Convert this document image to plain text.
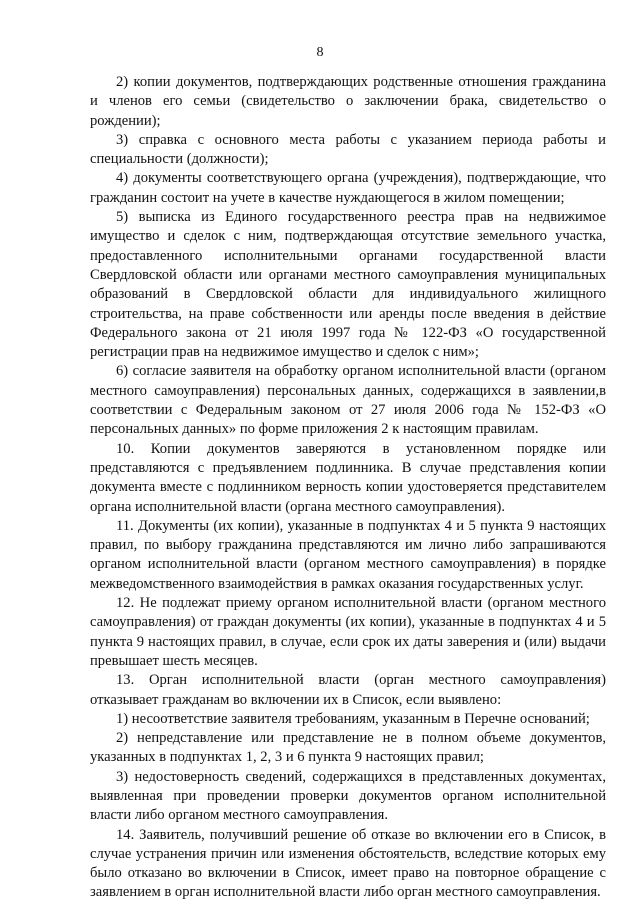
8

2) копии документов, подтверждающих родственные отношения гражданина и членов его семьи (свидетельство о заключении брака, свидетельство о рождении);

3) справка с основного места работы с указанием периода работы и специальности (должности);

4) документы соответствующего органа (учреждения), подтверждающие, что гражданин состоит на учете в качестве нуждающегося в жилом помещении;

5) выписка из Единого государственного реестра прав на недвижимое имущество и сделок с ним, подтверждающая отсутствие земельного участка, предоставленного исполнительными органами государственной власти Свердловской области или органами местного самоуправления муниципальных образований в Свердловской области для индивидуального жилищного строительства, на праве собственности или аренды после введения в действие Федерального закона от 21 июля 1997 года № 122-ФЗ «О государственной регистрации прав на недвижимое имущество и сделок с ним»;

6) согласие заявителя на обработку органом исполнительной власти (органом местного самоуправления) персональных данных, содержащихся в заявлении,в соответствии с Федеральным законом от 27 июля 2006 года № 152-ФЗ «О персональных данных» по форме приложения 2 к настоящим правилам.

10. Копии документов заверяются в установленном порядке или представляются с предъявлением подлинника. В случае представления копии документа вместе с подлинником верность копии удостоверяется представителем органа исполнительной власти (органа местного самоуправления).

11. Документы (их копии), указанные в подпунктах 4 и 5 пункта 9 настоящих правил, по выбору гражданина представляются им лично либо запрашиваются органом исполнительной власти (органом местного самоуправления) в порядке межведомственного взаимодействия в рамках оказания государственных услуг.

12. Не подлежат приему органом исполнительной власти (органом местного самоуправления) от граждан документы (их копии), указанные в подпунктах 4 и 5 пункта 9 настоящих правил, в случае, если срок их даты заверения и (или) выдачи превышает шесть месяцев.

13. Орган исполнительной власти (орган местного самоуправления) отказывает гражданам во включении их в Список, если выявлено:

1) несоответствие заявителя требованиям, указанным в Перечне оснований;

2) непредставление или представление не в полном объеме документов, указанных в подпунктах 1, 2, 3 и 6 пункта 9 настоящих правил;

3) недостоверность сведений, содержащихся в представленных документах, выявленная при проведении проверки документов органом исполнительной власти либо органом местного самоуправления.

14. Заявитель, получивший решение об отказе во включении его в Список, в случае устранения причин или изменения обстоятельств, вследствие которых ему было отказано во включении в Список, имеет право на повторное обращение с заявлением в орган исполнительной власти либо орган местного самоуправления.
